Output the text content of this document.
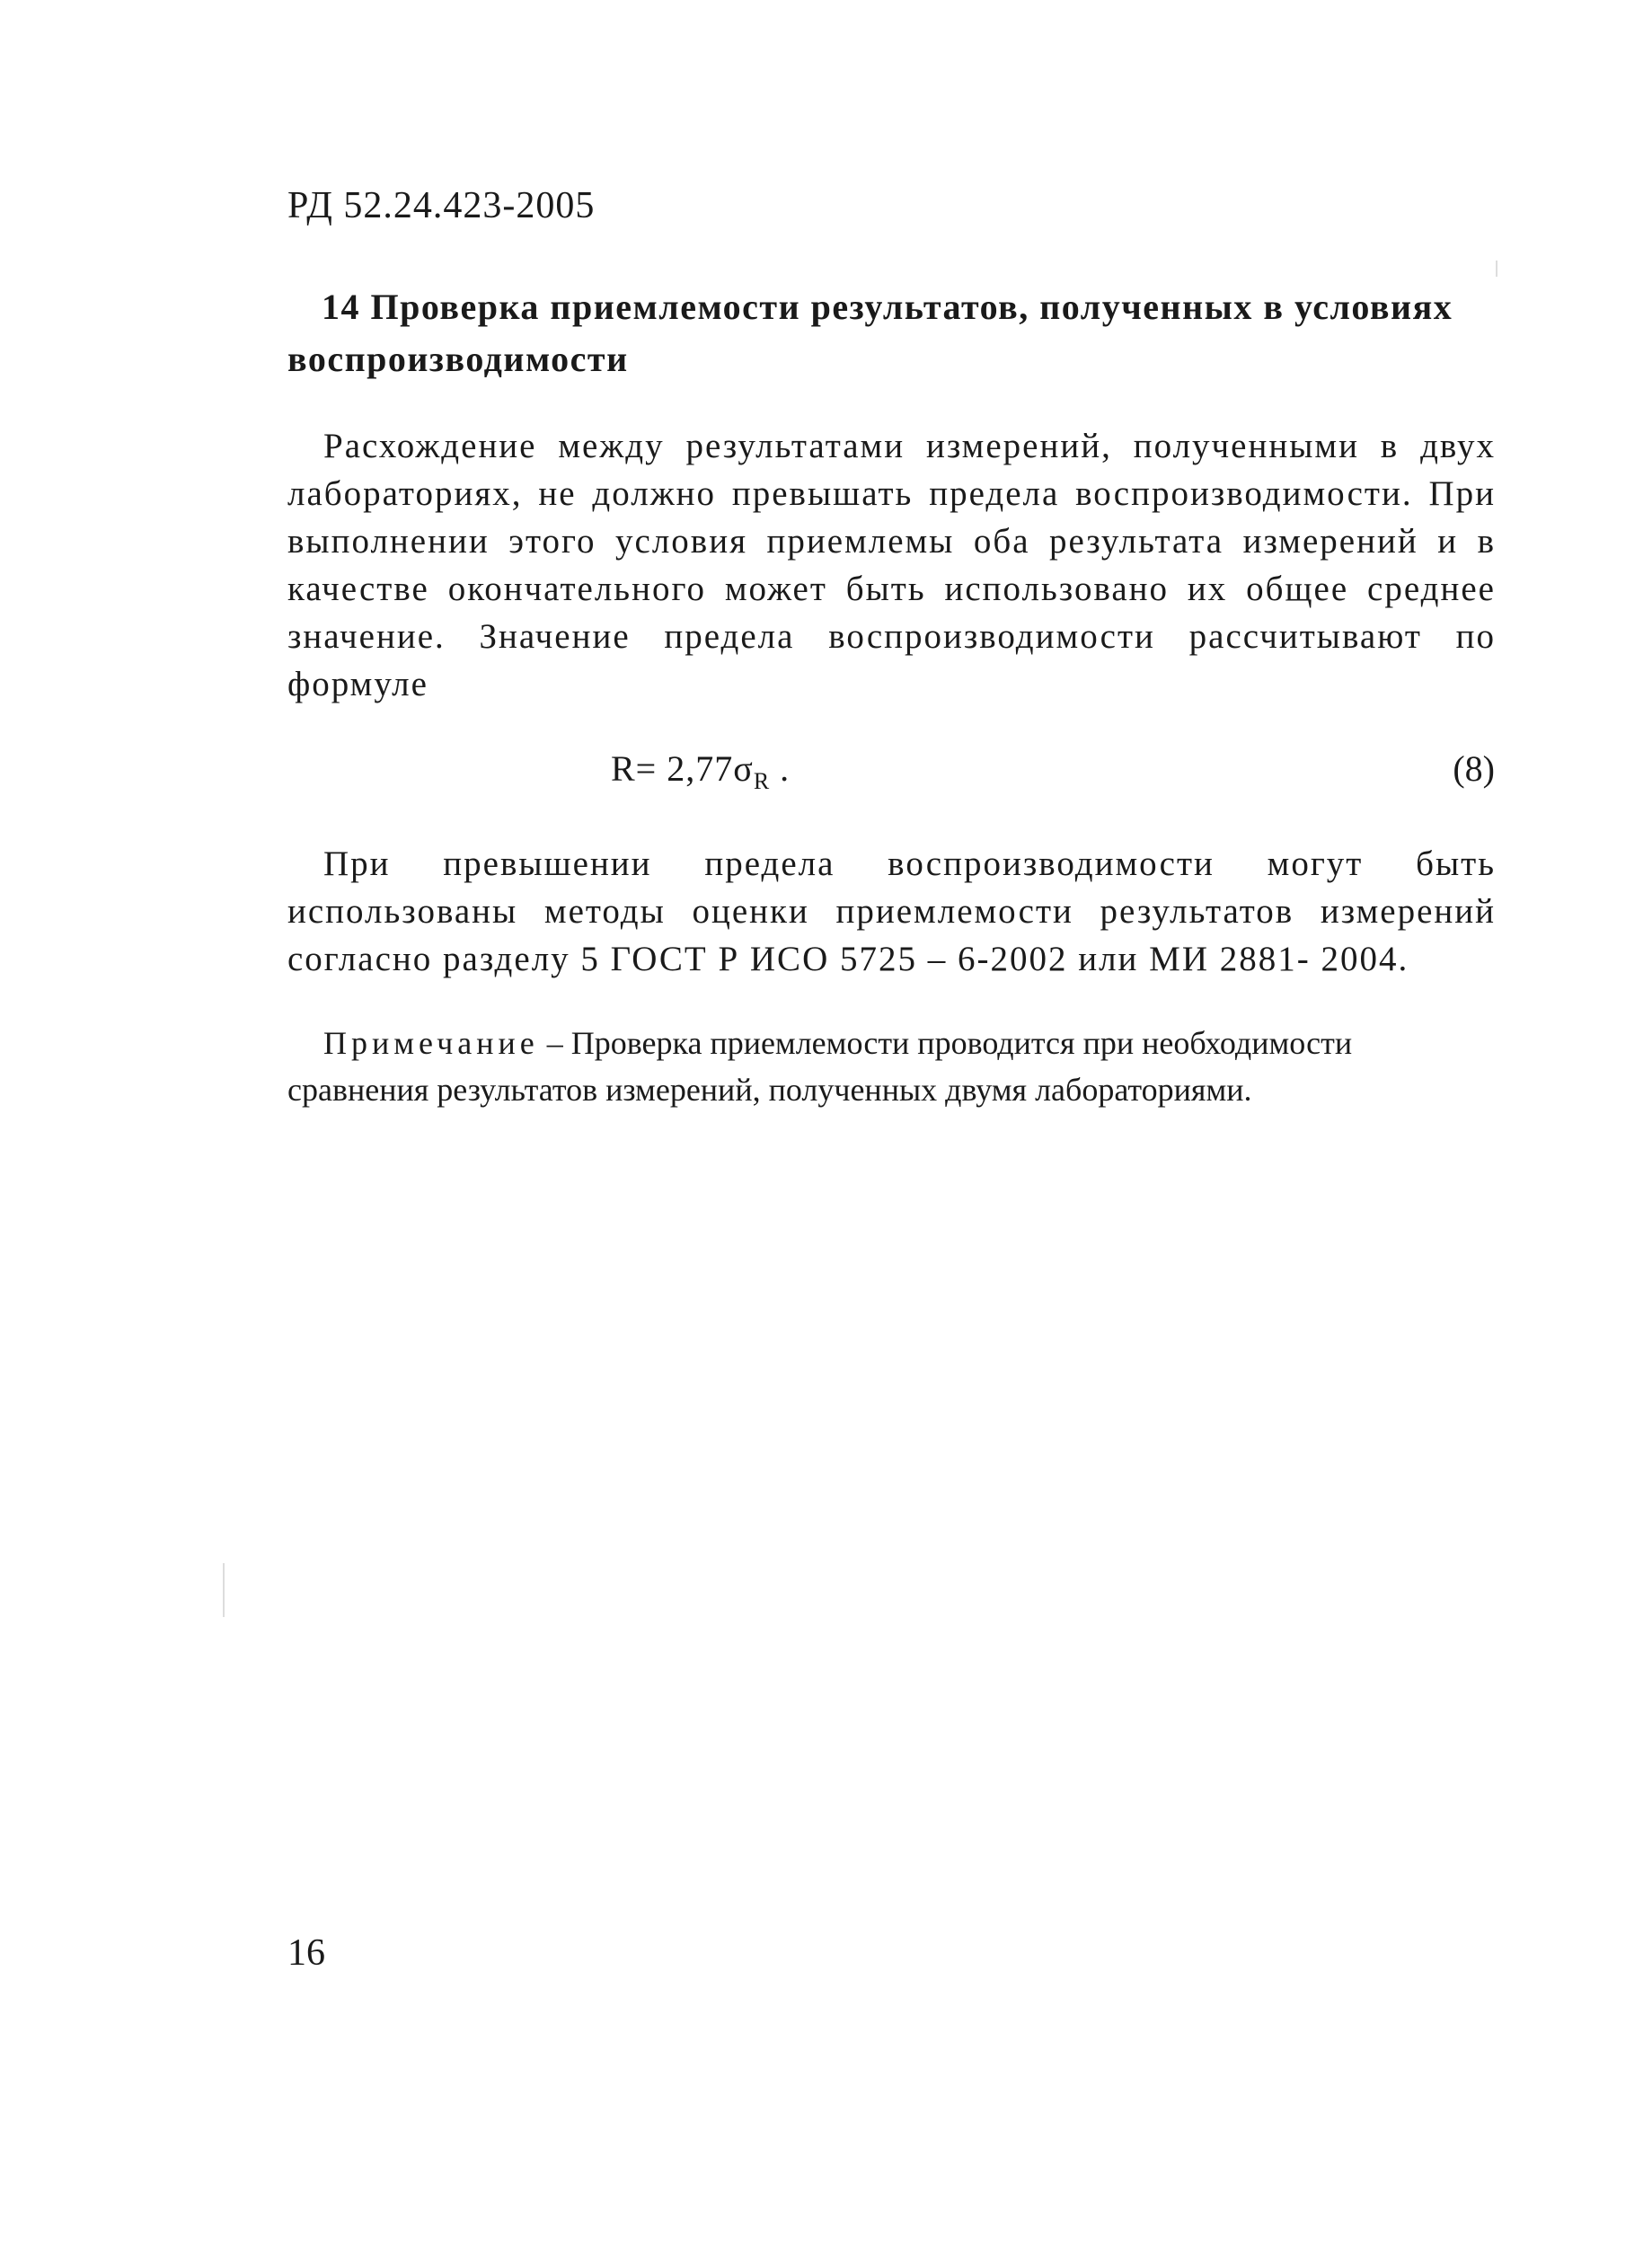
РД 52.24.423-2005
14 Проверка приемлемости результатов, полученных в условиях воспроизводимости

Расхождение между результатами измерений, полученными в двух лабораториях, не должно превышать предела воспроизводимости. При выполнении этого условия приемлемы оба результата измерений и в качестве окончательного может быть использовано их общее среднее значение. Значение предела воспроизводимости рассчитывают по формуле

$R= 2,77\sigma_R$ .	(8)

При превышении предела воспроизводимости могут быть использованы методы оценки приемлемости результатов измерений согласно разделу 5 ГОСТ Р ИСО 5725 – 6-2002 или МИ 2881- 2004.

Примечание – Проверка приемлемости проводится при необходимости сравнения результатов измерений, полученных двумя лабораториями.

16
